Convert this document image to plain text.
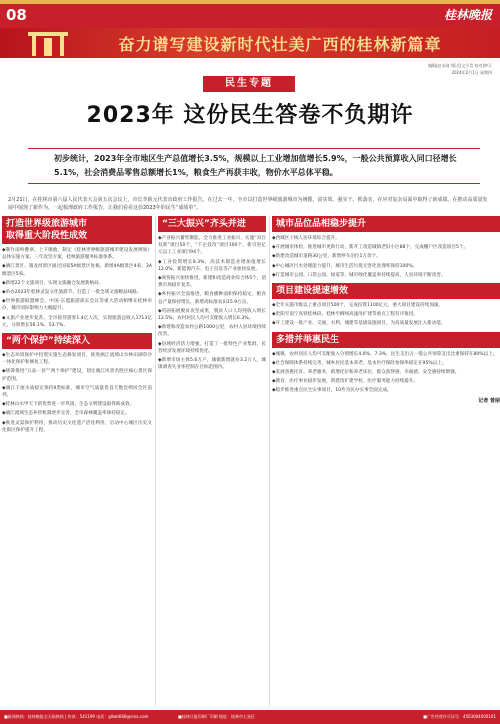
08	桂林晚报
奋力谱写建设新时代壮美广西的桂林新篇章
编辑|赵永刚 /版式|文小青 校对|钟天
2024年2月1日 星期四
民生专题
2023年 这份民生答卷不负期许
初步统计，2023年全市地区生产总值增长3.5%，规模以上工业增加值增长5.9%，一般公共预算收入同口径增长5.1%，社会消费品零售总额增长1%，粮食生产再获丰收，物价水平总体平稳。
2月21日，在桂林市第六届人民代表大会第五次会议上，市长李新元代表市政府工作报告。在过去一年，全市以打造世界级旅游城市为统揽，富实效、强实干、抓落实，在应对复杂局面中取得了新成绩。在推动高质量发展中展现了新作为。一起梳理政府工作报告，让我们看看这份2023年的民生“成绩单”。
打造世界级旅游城市
取得重大阶段性成效
◆制作南岭叠翠、上下歌曲，制定《桂林世界级旅游城市建设发展规划》总体实施方案、三年攻坚方案、桂林旅游服务标准体系。
◆漓江景区、遇龙河景区通过国家5A级景区复核，新增4A级景区4家、3A级景区5家。
◆新增22个文旅项目，实现文旅融合发展新格局。
◆举办2023年桂林灵渠文化旅游节，打造了一批全域文旅精品线路。
◆世界旅游联盟峰会、中国-东盟旅游部长会议等重大活动相继在桂林举办，城市国际影响力大幅提升。
◆文旅产业逐步复苏，全市接待游客1.4亿人次，实现旅游总收入1713亿元，分别增长56.1%、53.7%。
“两个保护”持续深入
◆生态环境保护中投资实施生态修复项目，推进漓江流域山水林田湖草沙一体化保护和修复工程。
◆统筹推进“五品一县”“两个保护”建设，划定漓江风景名胜区核心景区保护范围。
◆漓江干流水质稳定保持Ⅱ类标准，城市空气质量优良天数比例居全区前列。
◆桂林山水甲天下的优势进一步巩固，生态文明建设取得新成效。
◆漓江流域生态补偿机制逐步完善，全市森林覆盖率保持稳定。
◆推进灵渠保护利用，推动历史文化遗产活化利用，启动中心城区历史文化街区保护提升工程。
“三大振兴”齐头并进
◆产业振兴蓄势聚能。全力推进工业振兴，实施“双百双新”项目50个，“千企技改”项目100个，新引进亿元以上工业项目94个。
◆工业投资增长8.3%，高技术制造业增加值增长12.0%，新能源汽车、电子信息等产业加快发展。
◆商贸振兴加快推进，新建和改造商业综合体5个，消费市场稳步复苏。
◆乡村振兴全面推进，粮食播种面积保持稳定，粮食总产量保持增长，新增高标准农田15.9万亩。
◆巩固拓展脱贫攻坚成果，脱贫人口人均纯收入增长12.5%，农村居民人均可支配收入增长6.3%。
◆新建和改造农村公路1000公里，农村人居环境持续改善。
◆县域经济活力增强，打造了一批特色产业集群，民营经济发展环境持续优化。
◆新增市场主体5.6万户，城镇新增就业3.2万人，城镇调查失业率控制在目标范围内。
城市品位品相稳步提升
◆西城区干线人居环境综合提升。
◆开展城市体检，推进城市更新行动，新开工改造城镇老旧小区88个，完成棚户区改造项目5个。
◆新建改造城市道路30公里，新增停车泊位1万余个。
◆中心城区污水处理能力提升，城市生活垃圾无害化处理率保持100%。
◆打造城市公园、口袋公园、绿道等，城市绿化覆盖率持续提高，人居环境不断改善。
项目建设提速增效
◆全年实施市级以上重点项目500个，完成投资1100亿元，重大项目建设持续加速。
◆贵阳至南宁高铁桂林段、桂林至柳州高速改扩建等重点工程有序推进。
◆开工建设一批产业、交通、水利、城建等基础设施项目，为高质量发展注入新动能。
多措并举惠民生
◆城镇、农村居民人均可支配收入分别增长4.0%、7.3%，民生支出占一般公共预算支出比重保持在80%以上。
◆社会保障体系持续完善，城乡居民基本养老、基本医疗保险参保率稳定在95%以上。
◆发展普惠托育、养老服务，新增托位和养老床位，群众获得感、幸福感、安全感持续增强。
◆教育、医疗事业稳步发展，新建改扩建学校，医疗服务能力持续提升。
◆稳步推进重点民生实事项目，10件为民办实事全面完成。
记者 曾丽
■新闻热线：桂林晚报全天候热线 | 传真：541199 电话：gllwb666@sina.com	■桂林日报印刷厂印刷 地址：桂林市七星区	■广告经营许可证号：4503004000101
